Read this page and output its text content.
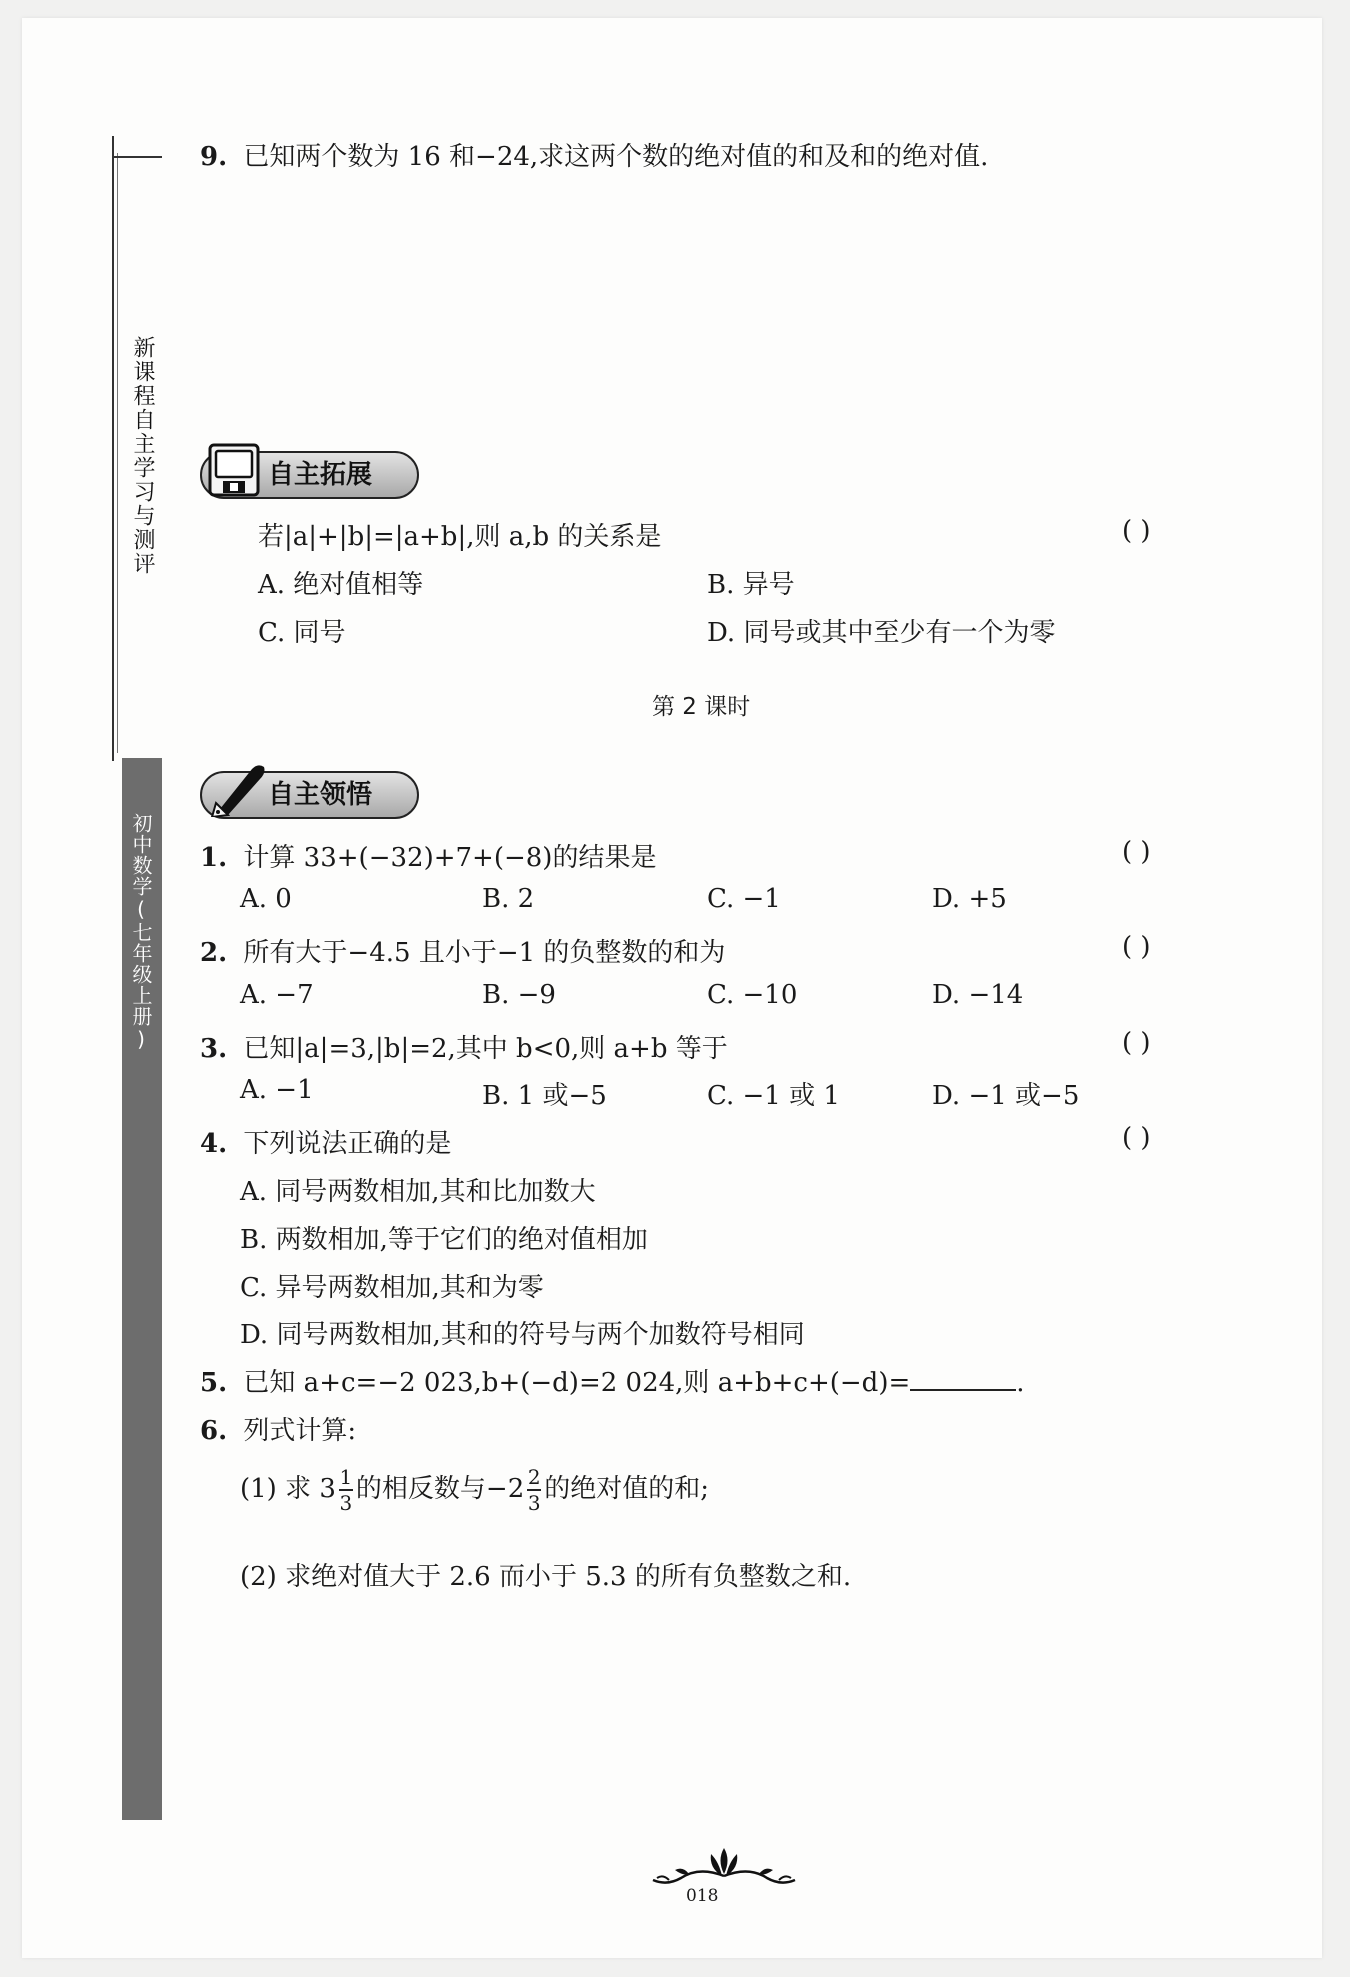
新课程自主学习与测评
初中数学(七年级上册)
9. 已知两个数为 16 和−24,求这两个数的绝对值的和及和的绝对值.
自主拓展
若|a|+|b|=|a+b|,则 a,b 的关系是	( )
A. 绝对值相等	B. 异号
C. 同号	D. 同号或其中至少有一个为零
第 2 课时
自主领悟
1. 计算 33+(−32)+7+(−8)的结果是	( )
A. 0	B. 2	C. −1	D. +5
2. 所有大于−4.5 且小于−1 的负整数的和为	( )
A. −7	B. −9	C. −10	D. −14
3. 已知|a|=3,|b|=2,其中 b<0,则 a+b 等于	( )
A. −1	B. 1 或−5	C. −1 或 1	D. −1 或−5
4. 下列说法正确的是	( )
A. 同号两数相加,其和比加数大
B. 两数相加,等于它们的绝对值相加
C. 异号两数相加,其和为零
D. 同号两数相加,其和的符号与两个加数符号相同
5. 已知 a+c=−2 023,b+(−d)=2 024,则 a+b+c+(−d)=	.
6. 列式计算:
(1) 求 $3 \frac{1}{3}$ 的相反数与$-2 \frac{2}{3}$ 的绝对值的和;
(2) 求绝对值大于 2.6 而小于 5.3 的所有负整数之和.
018
